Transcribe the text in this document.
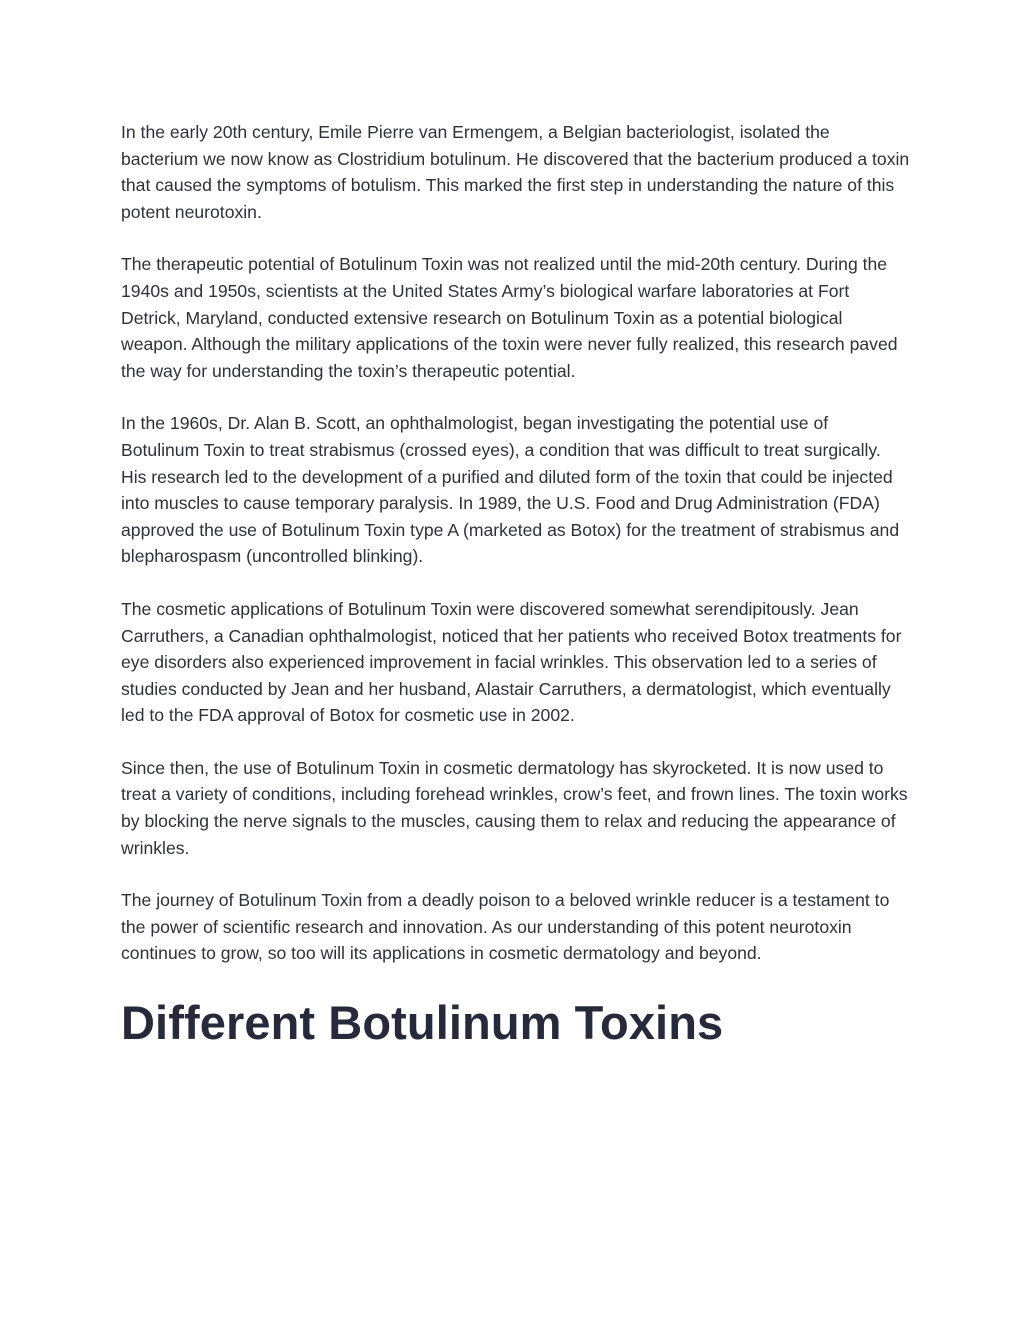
In the early 20th century, Emile Pierre van Ermengem, a Belgian bacteriologist, isolated the bacterium we now know as Clostridium botulinum. He discovered that the bacterium produced a toxin that caused the symptoms of botulism. This marked the first step in understanding the nature of this potent neurotoxin.

The therapeutic potential of Botulinum Toxin was not realized until the mid-20th century. During the 1940s and 1950s, scientists at the United States Army’s biological warfare laboratories at Fort Detrick, Maryland, conducted extensive research on Botulinum Toxin as a potential biological weapon. Although the military applications of the toxin were never fully realized, this research paved the way for understanding the toxin’s therapeutic potential.

In the 1960s, Dr. Alan B. Scott, an ophthalmologist, began investigating the potential use of Botulinum Toxin to treat strabismus (crossed eyes), a condition that was difficult to treat surgically. His research led to the development of a purified and diluted form of the toxin that could be injected into muscles to cause temporary paralysis. In 1989, the U.S. Food and Drug Administration (FDA) approved the use of Botulinum Toxin type A (marketed as Botox) for the treatment of strabismus and blepharospasm (uncontrolled blinking).

The cosmetic applications of Botulinum Toxin were discovered somewhat serendipitously. Jean Carruthers, a Canadian ophthalmologist, noticed that her patients who received Botox treatments for eye disorders also experienced improvement in facial wrinkles. This observation led to a series of studies conducted by Jean and her husband, Alastair Carruthers, a dermatologist, which eventually led to the FDA approval of Botox for cosmetic use in 2002.

Since then, the use of Botulinum Toxin in cosmetic dermatology has skyrocketed. It is now used to treat a variety of conditions, including forehead wrinkles, crow’s feet, and frown lines. The toxin works by blocking the nerve signals to the muscles, causing them to relax and reducing the appearance of wrinkles.

The journey of Botulinum Toxin from a deadly poison to a beloved wrinkle reducer is a testament to the power of scientific research and innovation. As our understanding of this potent neurotoxin continues to grow, so too will its applications in cosmetic dermatology and beyond.

Different Botulinum Toxins
